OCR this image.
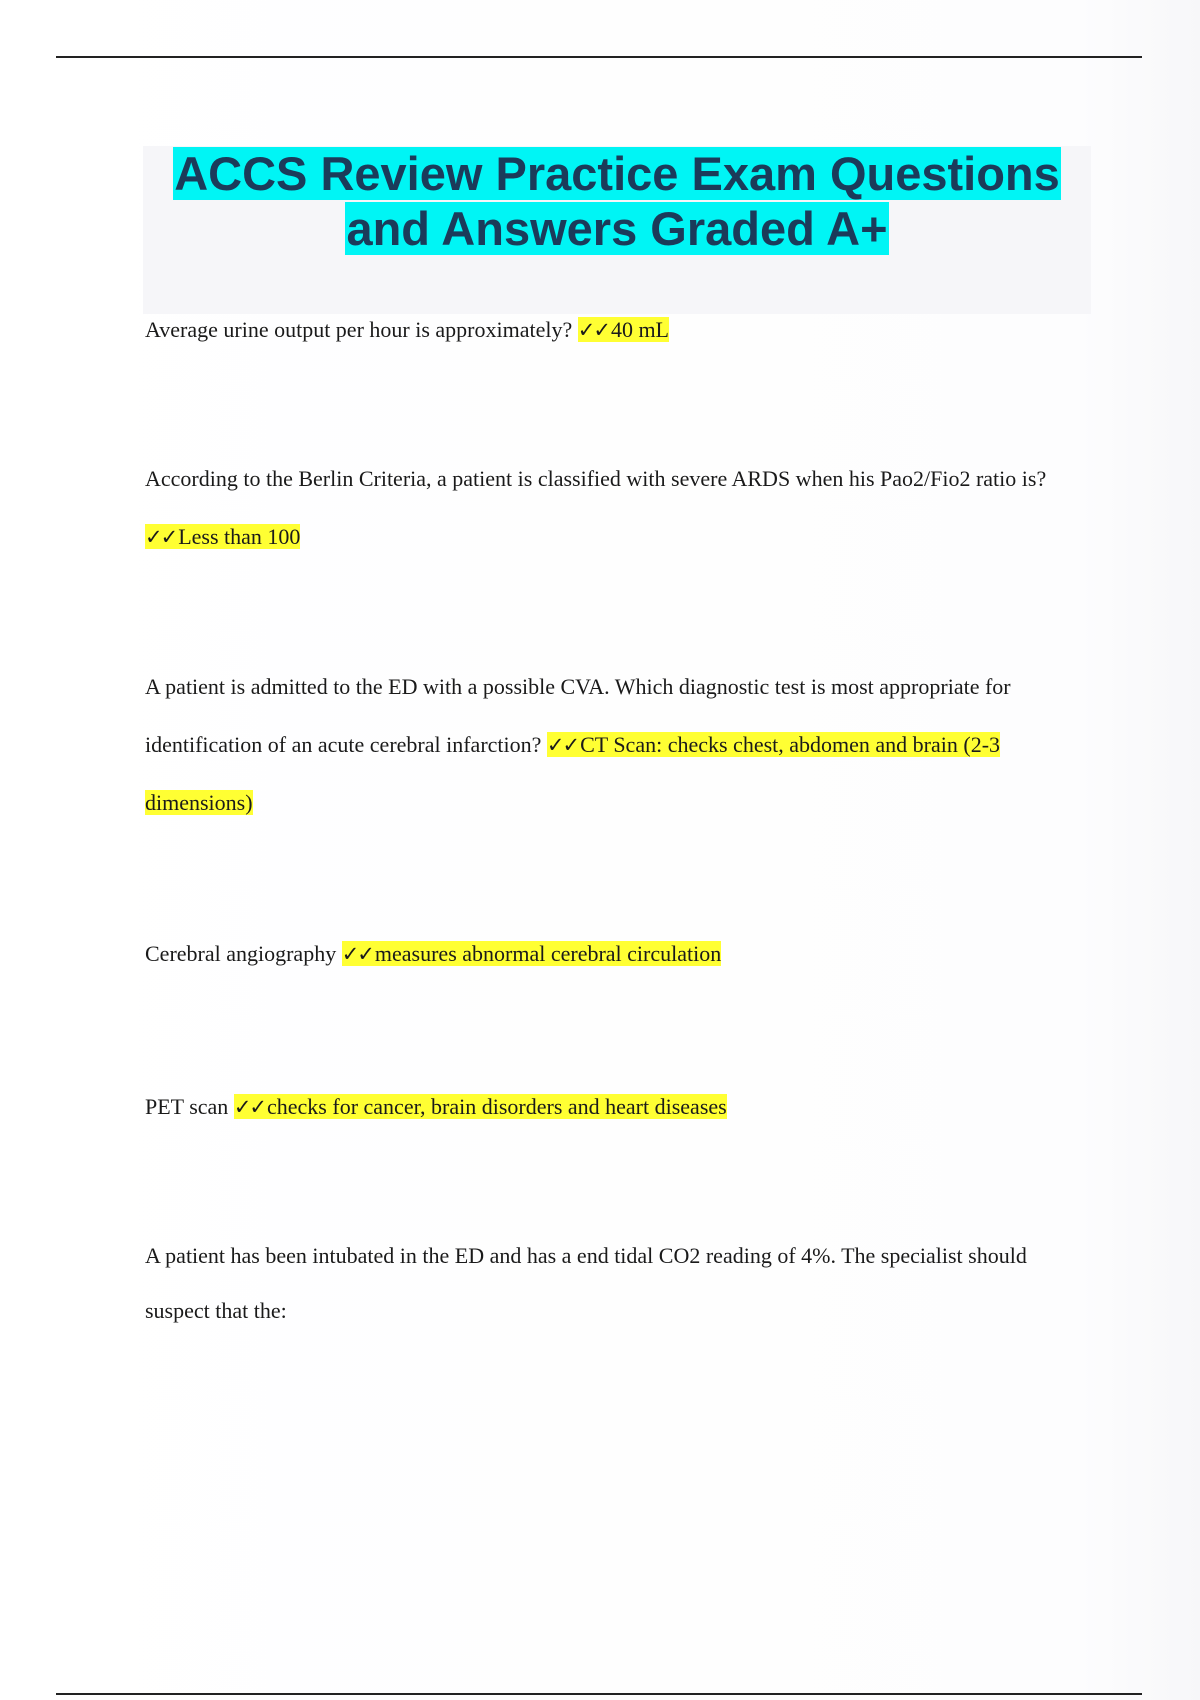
ACCS Review Practice Exam Questions and Answers Graded A+

Average urine output per hour is approximately? ✓✓40 mL

According to the Berlin Criteria, a patient is classified with severe ARDS when his Pao2/Fio2 ratio is? ✓✓Less than 100

A patient is admitted to the ED with a possible CVA. Which diagnostic test is most appropriate for identification of an acute cerebral infarction? ✓✓CT Scan: checks chest, abdomen and brain (2-3 dimensions)

Cerebral angiography ✓✓measures abnormal cerebral circulation

PET scan ✓✓checks for cancer, brain disorders and heart diseases

A patient has been intubated in the ED and has a end tidal CO2 reading of 4%. The specialist should suspect that the:
